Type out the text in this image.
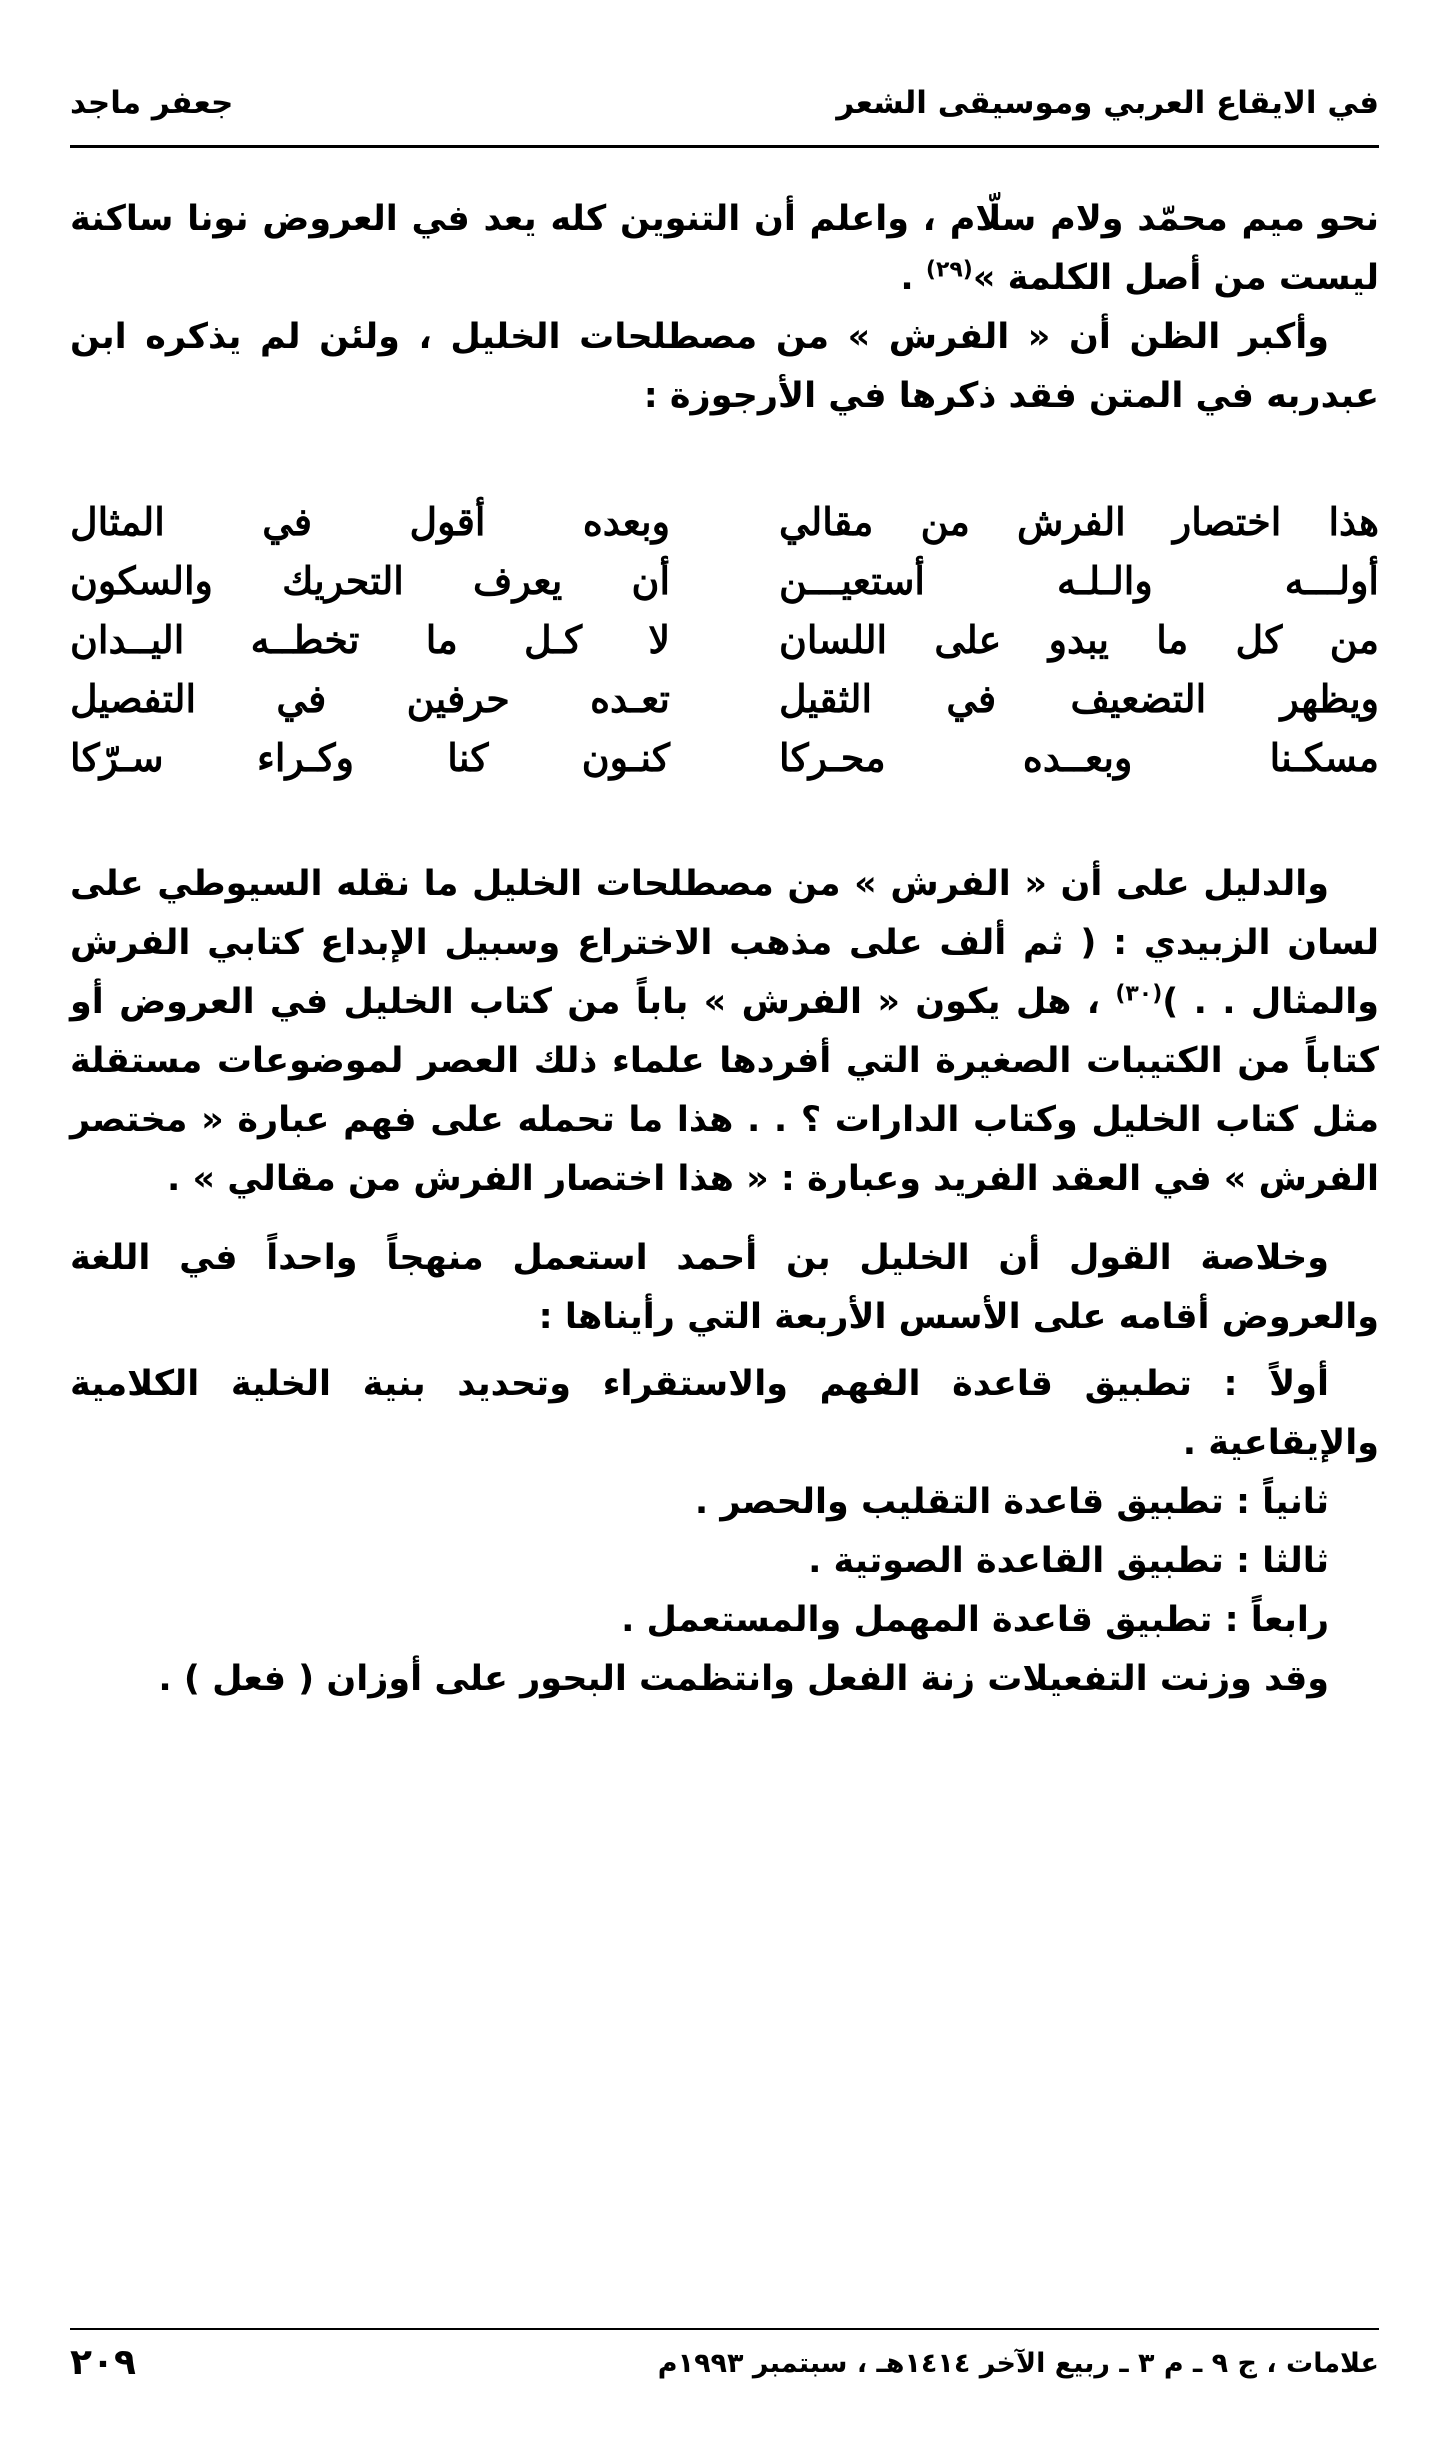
في الايقاع العربي وموسيقى الشعر
جعفر ماجد

نحو ميم محمّد ولام سلّام ، واعلم أن التنوين كله يعد في العروض نونا ساكنة ليست من أصل الكلمة »$^{(٢٩)}$ .

وأكبر الظن أن « الفرش » من مصطلحات الخليل ، ولئن لم يذكره ابن عبدربه في المتن فقد ذكرها في الأرجوزة :

هذا اختصار الفرش من مقالي
وبعده أقول في المثال
أولـــه والـلـه أستعيـــن
أن يعرف التحريك والسكون
من كل ما يبدو على اللسان
لا كـل ما تخطــه اليــدان
ويظهر التضعيف في الثقيل
تعـده حرفين في التفصيل
مسكـنا وبعــده محـركا
كنـون كنا وكـراء سـرّكا

والدليل على أن « الفرش » من مصطلحات الخليل ما نقله السيوطي على لسان الزبيدي : ( ثم ألف على مذهب الاختراع وسبيل الإبداع كتابي الفرش والمثال . . )$^{(٣٠)}$ ، هل يكون « الفرش » باباً من كتاب الخليل في العروض أو كتاباً من الكتيبات الصغيرة التي أفردها علماء ذلك العصر لموضوعات مستقلة مثل كتاب الخليل وكتاب الدارات ؟ . . هذا ما تحمله على فهم عبارة « مختصر الفرش » في العقد الفريد وعبارة : « هذا اختصار الفرش من مقالي » .

وخلاصة القول أن الخليل بن أحمد استعمل منهجاً واحداً في اللغة والعروض أقامه على الأسس الأربعة التي رأيناها :

أولاً : تطبيق قاعدة الفهم والاستقراء وتحديد بنية الخلية الكلامية والإيقاعية .

ثانياً : تطبيق قاعدة التقليب والحصر .

ثالثا : تطبيق القاعدة الصوتية .

رابعاً : تطبيق قاعدة المهمل والمستعمل .

وقد وزنت التفعيلات زنة الفعل وانتظمت البحور على أوزان ( فعل ) .

علامات ، ج ٩ ـ م ٣ ـ ربيع الآخر ١٤١٤هـ ، سبتمبر ١٩٩٣م
٢٠٩
